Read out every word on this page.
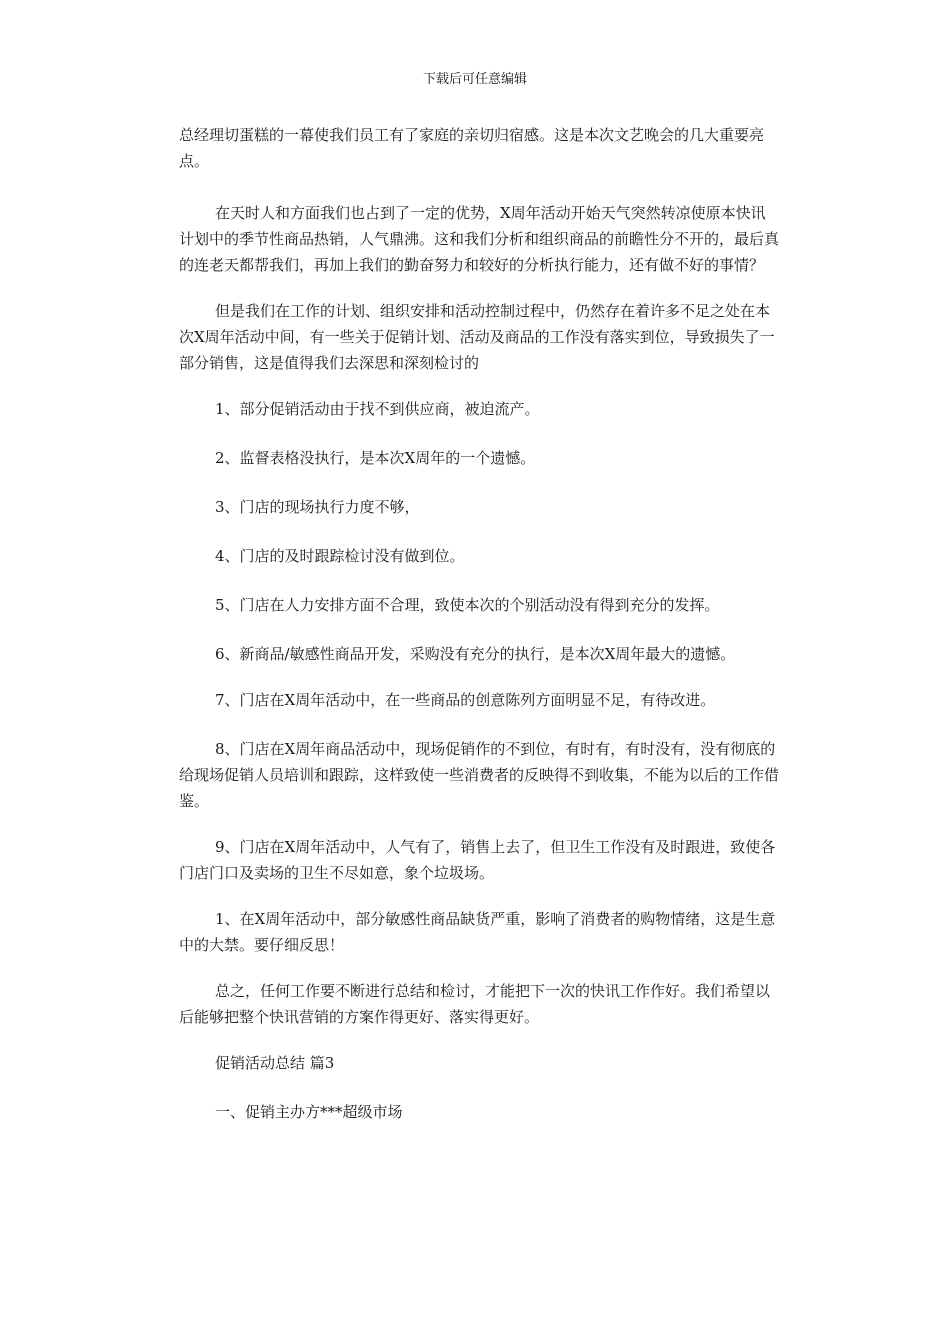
下载后可任意编辑

总经理切蛋糕的一幕使我们员工有了家庭的亲切归宿感。这是本次文艺晚会的几大重要亮点。

在天时人和方面我们也占到了一定的优势，X周年活动开始天气突然转凉使原本快讯计划中的季节性商品热销，人气鼎沸。这和我们分析和组织商品的前瞻性分不开的，最后真的连老天都帮我们，再加上我们的勤奋努力和较好的分析执行能力，还有做不好的事情？

但是我们在工作的计划、组织安排和活动控制过程中，仍然存在着许多不足之处在本次X周年活动中间，有一些关于促销计划、活动及商品的工作没有落实到位，导致损失了一部分销售，这是值得我们去深思和深刻检讨的

1、部分促销活动由于找不到供应商，被迫流产。

2、监督表格没执行，是本次X周年的一个遗憾。

3、门店的现场执行力度不够，

4、门店的及时跟踪检讨没有做到位。

5、门店在人力安排方面不合理，致使本次的个别活动没有得到充分的发挥。

6、新商品/敏感性商品开发，采购没有充分的执行，是本次X周年最大的遗憾。

7、门店在X周年活动中，在一些商品的创意陈列方面明显不足，有待改进。

8、门店在X周年商品活动中，现场促销作的不到位，有时有，有时没有，没有彻底的给现场促销人员培训和跟踪，这样致使一些消费者的反映得不到收集，不能为以后的工作借鉴。

9、门店在X周年活动中，人气有了，销售上去了，但卫生工作没有及时跟进，致使各门店门口及卖场的卫生不尽如意，象个垃圾场。

1、在X周年活动中，部分敏感性商品缺货严重，影响了消费者的购物情绪，这是生意中的大禁。要仔细反思！

总之，任何工作要不断进行总结和检讨，才能把下一次的快讯工作作好。我们希望以后能够把整个快讯营销的方案作得更好、落实得更好。

促销活动总结 篇3

一、促销主办方***超级市场
